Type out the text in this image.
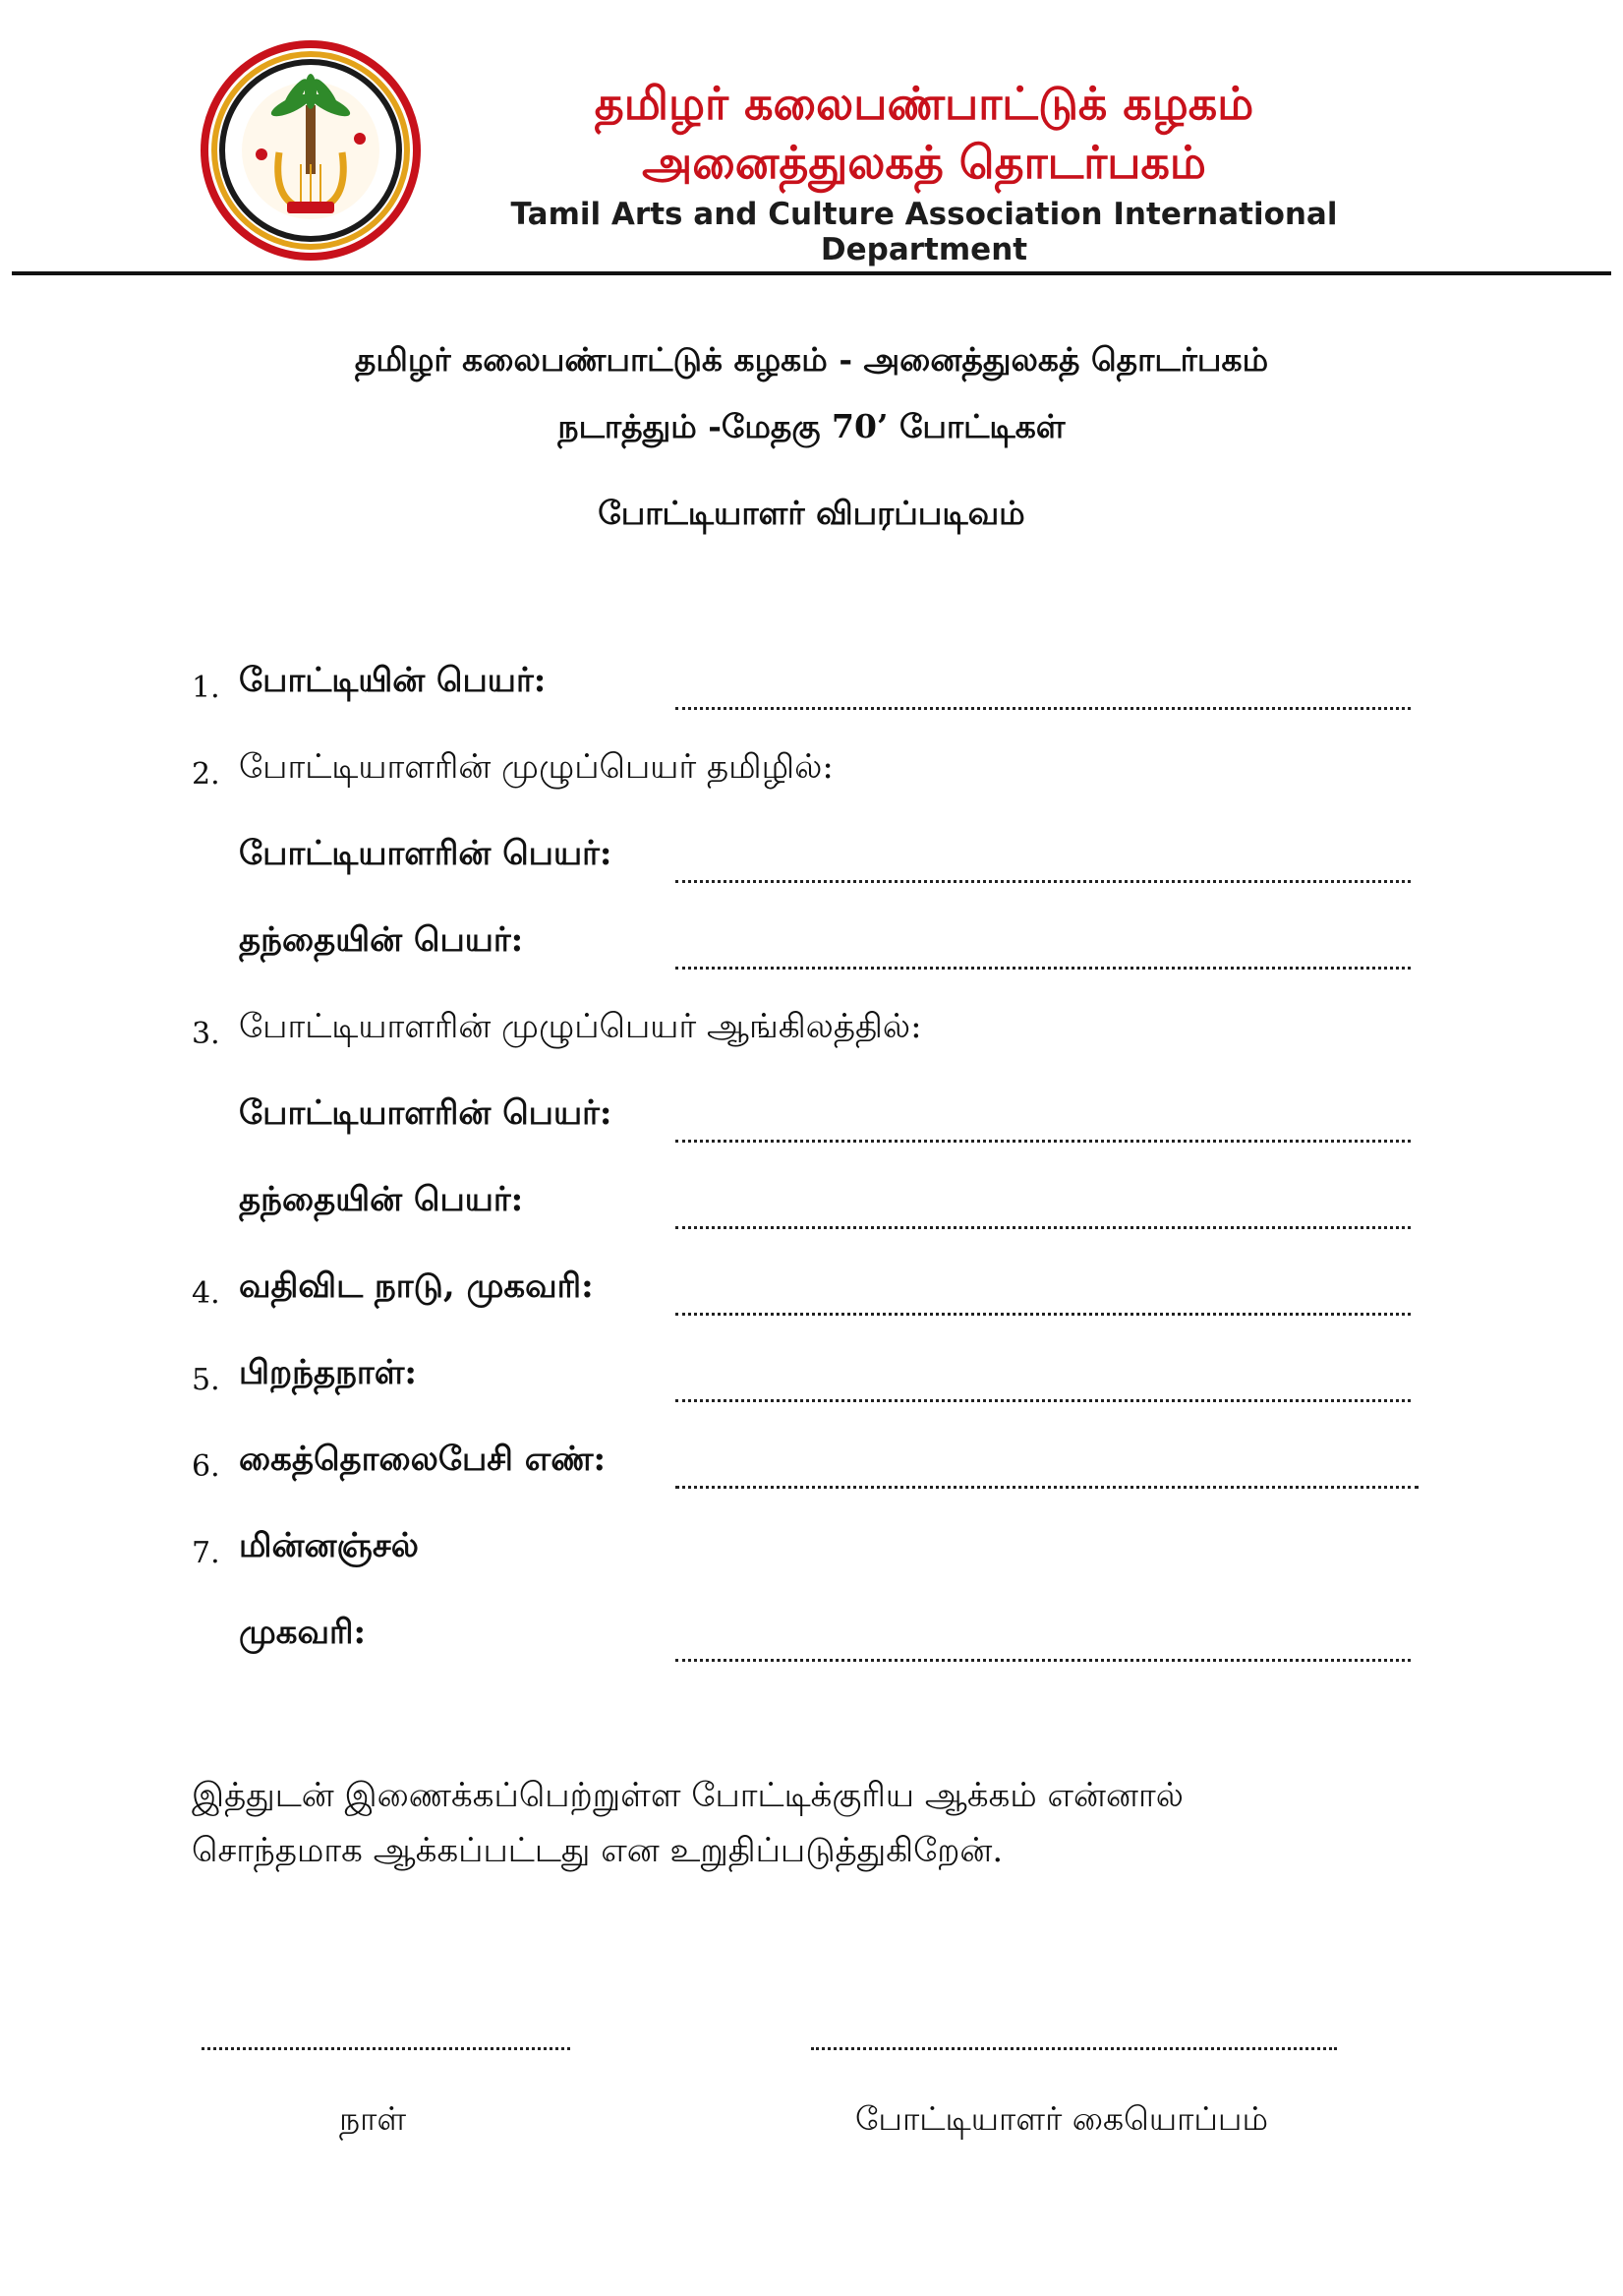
தமிழர் கலைபண்பாட்டுக் கழகம்
அனைத்துலகத் தொடர்பகம்
Tamil Arts and Culture Association International Department
தமிழர் கலைபண்பாட்டுக் கழகம் - அனைத்துலகத் தொடர்பகம்
நடாத்தும் -மேதகு 70’ போட்டிகள்
போட்டியாளர் விபரப்படிவம்
1. போட்டியின் பெயர்:
2. போட்டியாளரின் முழுப்பெயர் தமிழில்:
போட்டியாளரின் பெயர்:
தந்தையின் பெயர்:
3. போட்டியாளரின் முழுப்பெயர் ஆங்கிலத்தில்:
போட்டியாளரின் பெயர்:
தந்தையின் பெயர்:
4. வதிவிட நாடு, முகவரி:
5. பிறந்தநாள்:
6. கைத்தொலைபேசி எண்:
7. மின்னஞ்சல்
முகவரி:
இத்துடன் இணைக்கப்பெற்றுள்ள போட்டிக்குரிய ஆக்கம் என்னால்
சொந்தமாக ஆக்கப்பட்டது என உறுதிப்படுத்துகிறேன்.
நாள்	போட்டியாளர் கையொப்பம்
